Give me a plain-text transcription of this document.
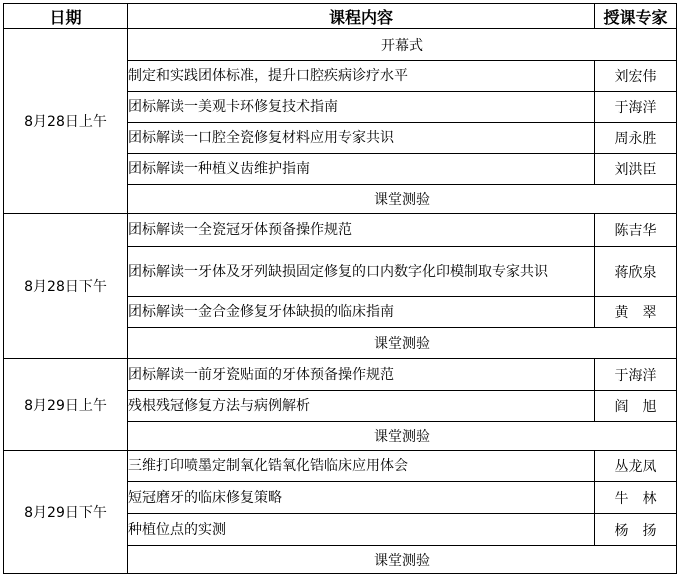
日期	课程内容	授课专家
8月28日上午	开幕式	
	制定和实践团体标准，提升口腔疾病诊疗水平	刘宏伟
	团标解读一美观卡环修复技术指南	于海洋
	团标解读一口腔全瓷修复材料应用专家共识	周永胜
	团标解读一种植义齿维护指南	刘洪臣
	课堂测验	
8月28日下午	团标解读一全瓷冠牙体预备操作规范	陈吉华
	团标解读一牙体及牙列缺损固定修复的口内数字化印模制取专家共识	蒋欣泉
	团标解读一金合金修复牙体缺损的临床指南	黄　翠
	课堂测验	
8月29日上午	团标解读一前牙瓷贴面的牙体预备操作规范	于海洋
	残根残冠修复方法与病例解析	阎　旭
	课堂测验	
8月29日下午	三维打印喷墨定制氧化锆氧化锆临床应用体会	丛龙凤
	短冠磨牙的临床修复策略	牛　林
	种植位点的实测	杨　扬
	课堂测验	
